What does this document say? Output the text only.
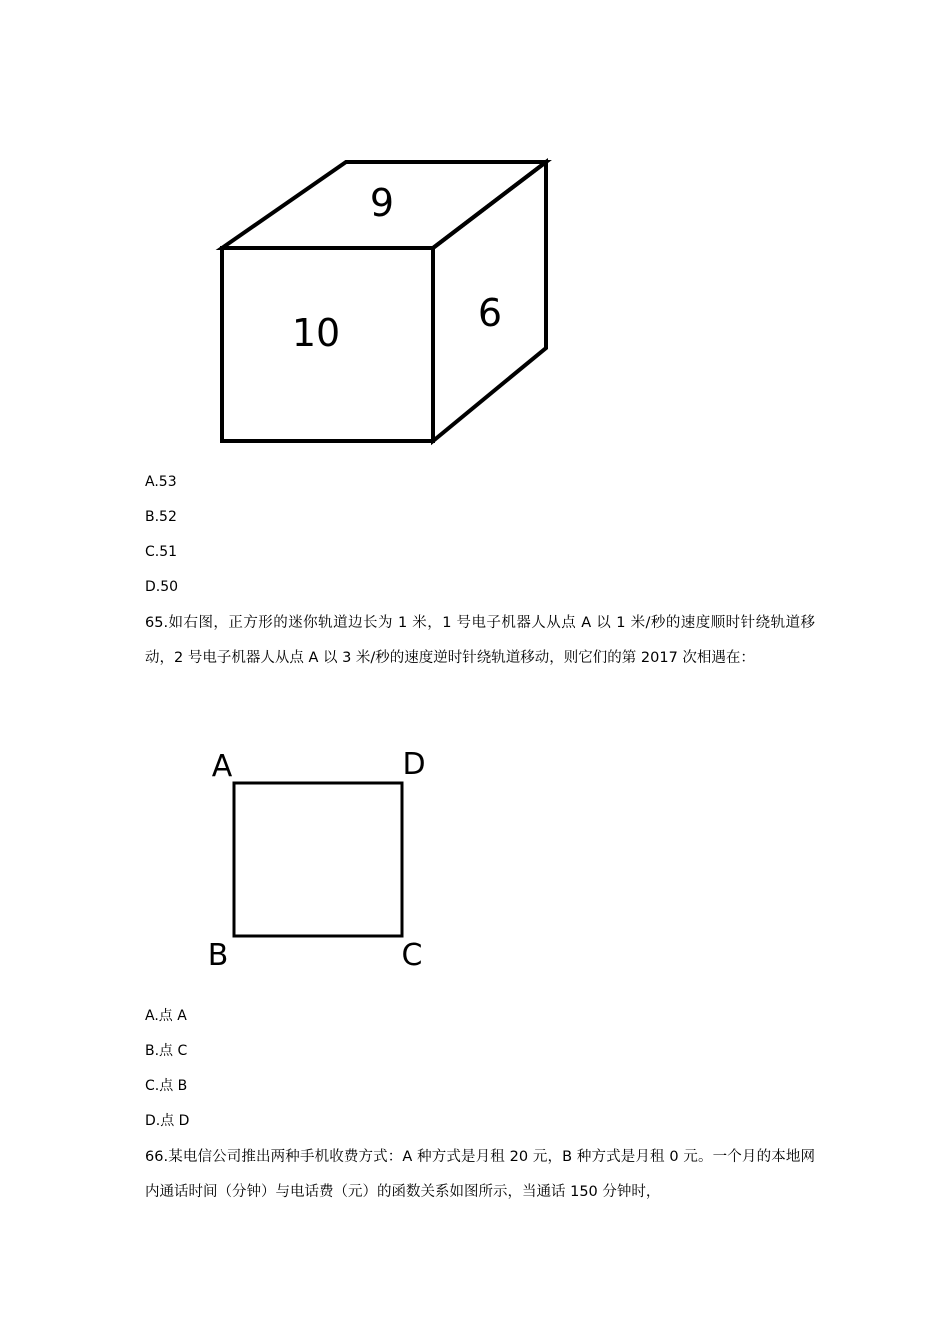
9
10	6
A.53
B.52
C.51
D.50
65.如右图，正方形的迷你轨道边长为 1 米，1 号电子机器人从点 A 以 1 米/秒的速度顺时针绕轨道移动，2 号电子机器人从点 A 以 3 米/秒的速度逆时针绕轨道移动，则它们的第 2017 次相遇在：
A	D
B	C
A.点 A
B.点 C
C.点 B
D.点 D
66.某电信公司推出两种手机收费方式：A 种方式是月租 20 元，B 种方式是月租 0 元。一个月的本地网内通话时间（分钟）与电话费（元）的函数关系如图所示，当通话 150 分钟时，
